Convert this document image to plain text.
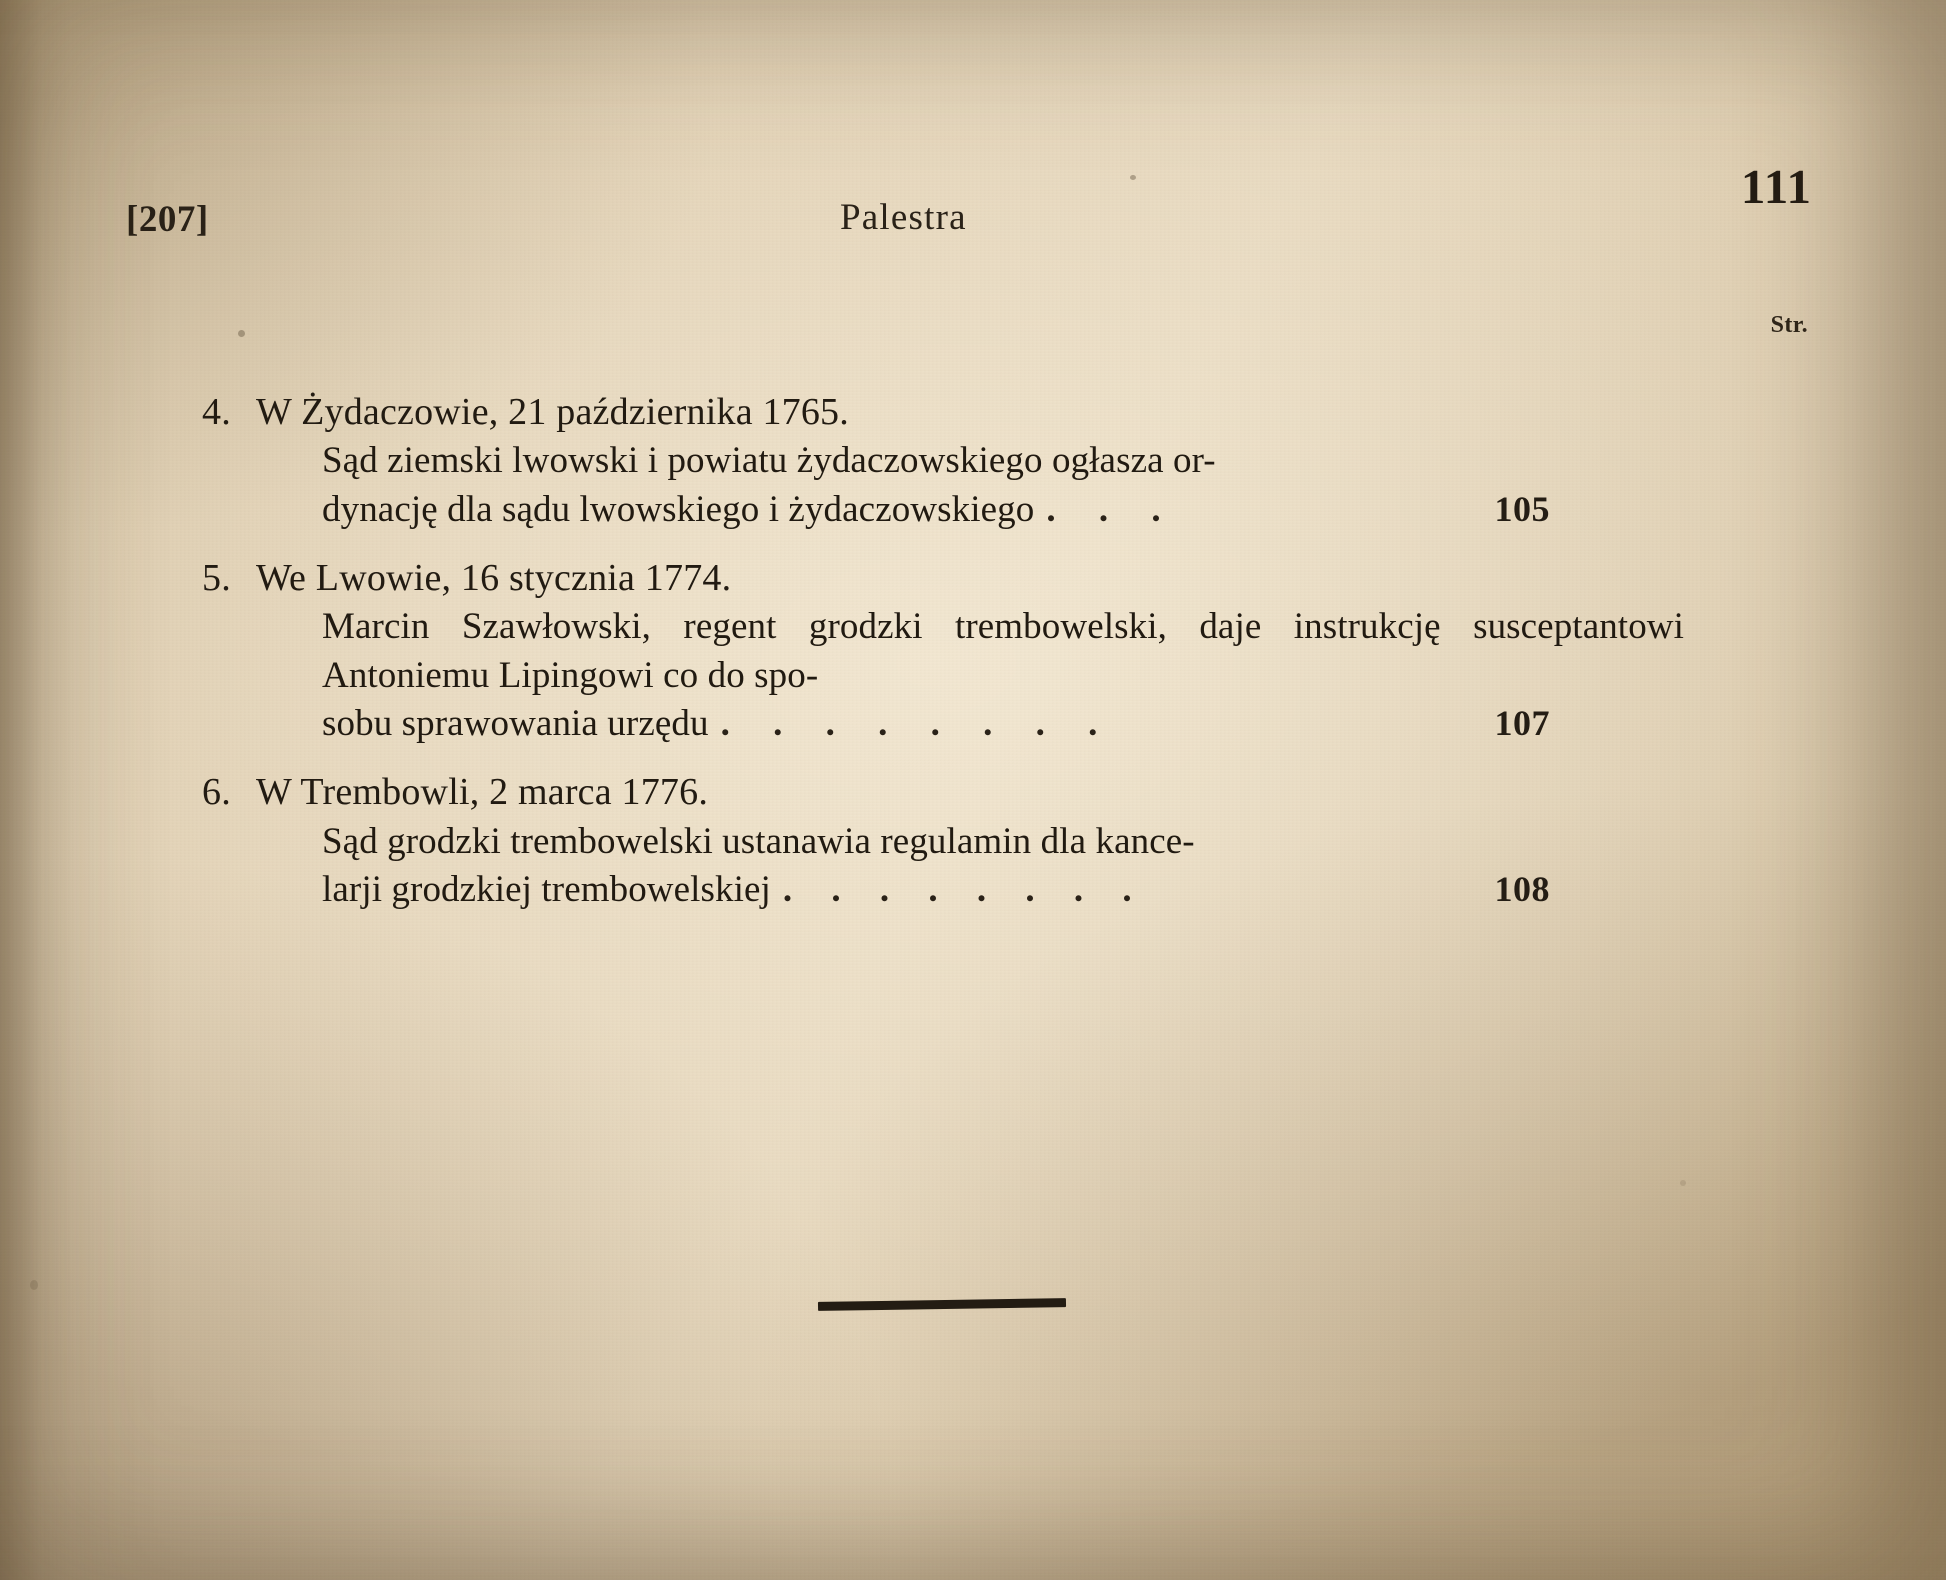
[207]	Palestra
111
Str.
4. W Żydaczowie, 21 października 1765.
Sąd ziemski lwowski i powiatu żydaczowskiego ogłasza or-
dynację dla sądu lwowskiego i żydaczowskiego . . .	105
5. We Lwowie, 16 stycznia 1774.
Marcin Szawłowski, regent grodzki trembowelski, daje instrukcję susceptantowi Antoniemu Lipingowi co do spo-
sobu sprawowania urzędu . . . . . . . .	107
6. W Trembowli, 2 marca 1776.
Sąd grodzki trembowelski ustanawia regulamin dla kance-
larji grodzkiej trembowelskiej . . . . . . . .	108
